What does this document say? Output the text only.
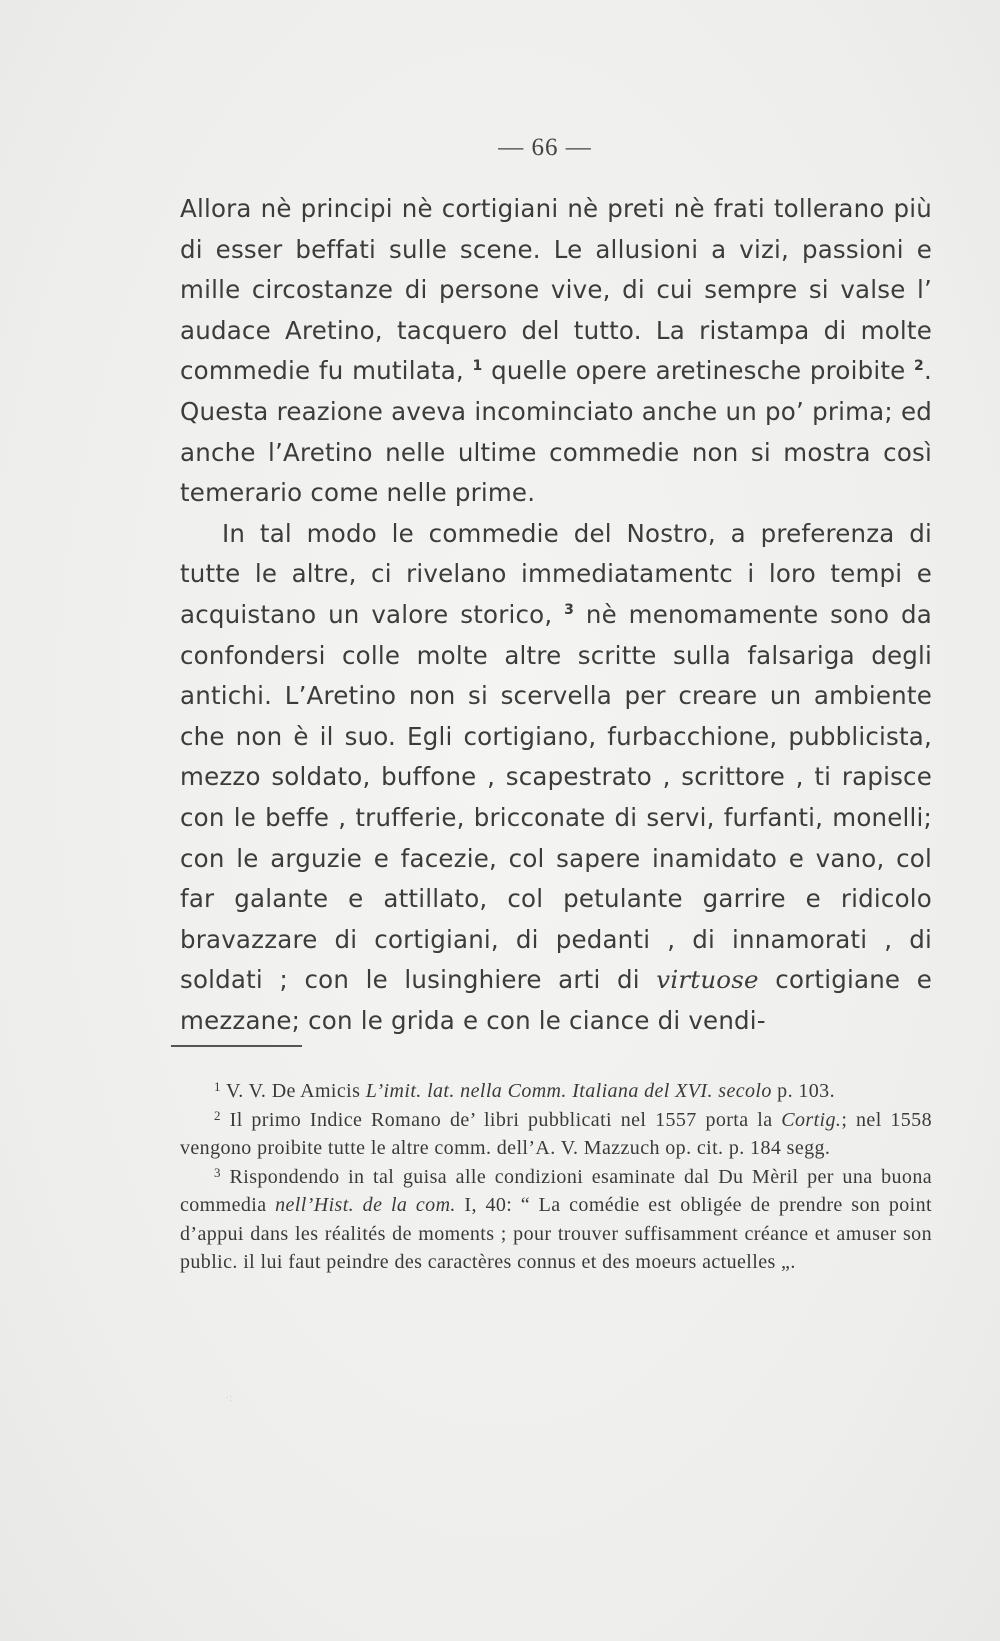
— 66 —

Allora nè principi nè cortigiani nè preti nè frati tollerano più di esser beffati sulle scene. Le allusioni a vizi, passioni e mille circostanze di persone vive, di cui sempre si valse l’ audace Aretino, tacquero del tutto. La ristampa di molte commedie fu mutilata, $^1$ quelle opere aretinesche proibite $^2$. Questa reazione aveva incominciato anche un po’ prima; ed anche l’Aretino nelle ultime commedie non si mostra così temerario come nelle prime.

In tal modo le commedie del Nostro, a preferenza di tutte le altre, ci rivelano immediatamentc i loro tempi e acquistano un valore storico, $^3$ nè menomamente sono da confondersi colle molte altre scritte sulla falsariga degli antichi. L’Aretino non si scervella per creare un ambiente che non è il suo. Egli cortigiano, furbacchione, pubblicista, mezzo soldato, buffone , scapestrato , scrittore , ti rapisce con le beffe , trufferie, bricconate di servi, furfanti, monelli; con le arguzie e facezie, col sapere inamidato e vano, col far galante e attillato, col petulante garrire e ridicolo bravazzare di cortigiani, di pedanti , di innamorati , di soldati ; con le lusinghiere arti di virtuose cortigiane e mezzane; con le grida e con le ciance di vendi-

$^1$ V. V. De Amicis L’imit. lat. nella Comm. Italiana del XVI. secolo p. 103.

$^2$ Il primo Indice Romano de’ libri pubblicati nel 1557 porta la Cortig.; nel 1558 vengono proibite tutte le altre comm. dell’A. V. Mazzuch op. cit. p. 184 segg.

$^3$ Rispondendo in tal guisa alle condizioni esaminate dal Du Mèril per una buona commedia nell’Hist. de la com. I, 40: “ La comédie est obligée de prendre son point d’appui dans les réalités de moments ; pour trouver suffisamment créance et amuser son public. il lui faut peindre des caractères connus et des moeurs actuelles „.

·:
